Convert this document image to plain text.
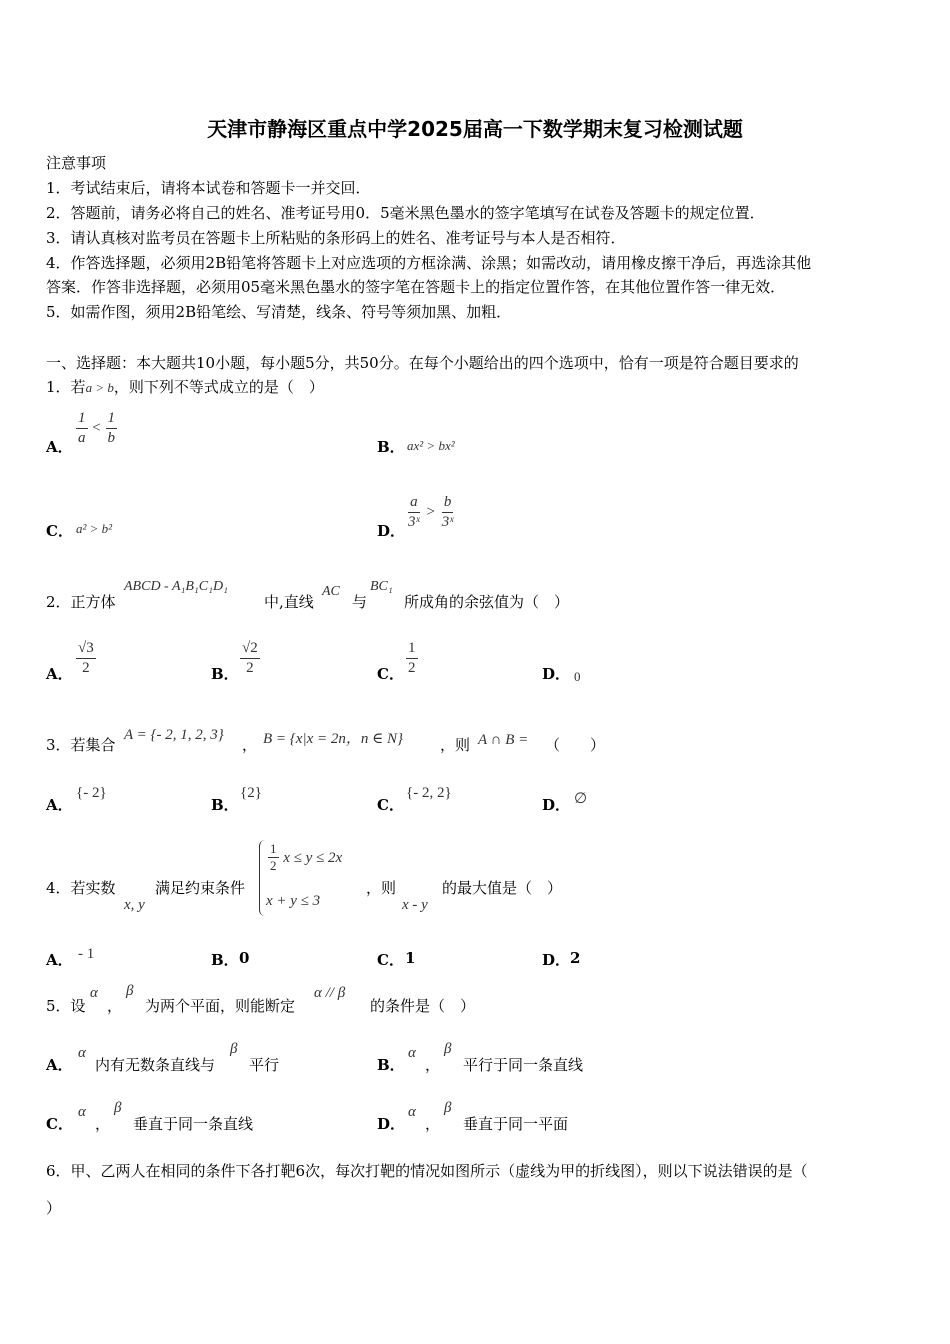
天津市静海区重点中学2025届高一下数学期末复习检测试题
注意事项
1．考试结束后，请将本试卷和答题卡一并交回．
2．答题前，请务必将自己的姓名、准考证号用0．5毫米黑色墨水的签字笔填写在试卷及答题卡的规定位置．
3．请认真核对监考员在答题卡上所粘贴的条形码上的姓名、准考证号与本人是否相符．
4．作答选择题，必须用2B铅笔将答题卡上对应选项的方框涂满、涂黑；如需改动，请用橡皮擦干净后，再选涂其他
答案．作答非选择题，必须用05毫米黑色墨水的签字笔在答题卡上的指定位置作答，在其他位置作答一律无效．
5．如需作图，须用2B铅笔绘、写清楚，线条、符号等须加黑、加粗．
一、选择题：本大题共10小题，每小题5分，共50分。在每个小题给出的四个选项中，恰有一项是符合题目要求的
1．若a > b，则下列不等式成立的是（　）
A．
$\frac{1}{a} < \frac{1}{b}$
B． ax² > bx²
C． a² > b²	D．
$\frac{a}{\text{3ˣ}} > \frac{b}{\text{3ˣ}}$
2．正方体
ABCD - A₁B₁C₁D₁
中,直线
AC
与
BC₁
所成角的余弦值为（　）
A． $\frac{√3}{2}$	B． $\frac{√2}{2}$	C． $\frac{1}{2}$	D． 0
3．若集合
A = {- 2, 1, 2, 3}
， B = {x|x = 2n，n ∈ N} ，则 A ∩ B = （　　）
A．
{- 2}
B．
{2}
C．
{- 2, 2}
D． ∅
4．若实数
x, y
满足约束条件
$\frac{1}{2}$ x ≤ y ≤ 2x
x + y ≤ 3
，则
x - y
的最大值是（　）
A． - 1	B． 0	C． 1	D． 2
5．设
α
，
β
为两个平面，则能断定
α // β
的条件是（　）
A．
α
内有无数条直线与
β
平行	B．
α
，
β
平行于同一条直线
C．
α
，
β
垂直于同一条直线	D．
α
，
β
垂直于同一平面
6．甲、乙两人在相同的条件下各打靶6次，每次打靶的情况如图所示（虚线为甲的折线图），则以下说法错误的是（
）
